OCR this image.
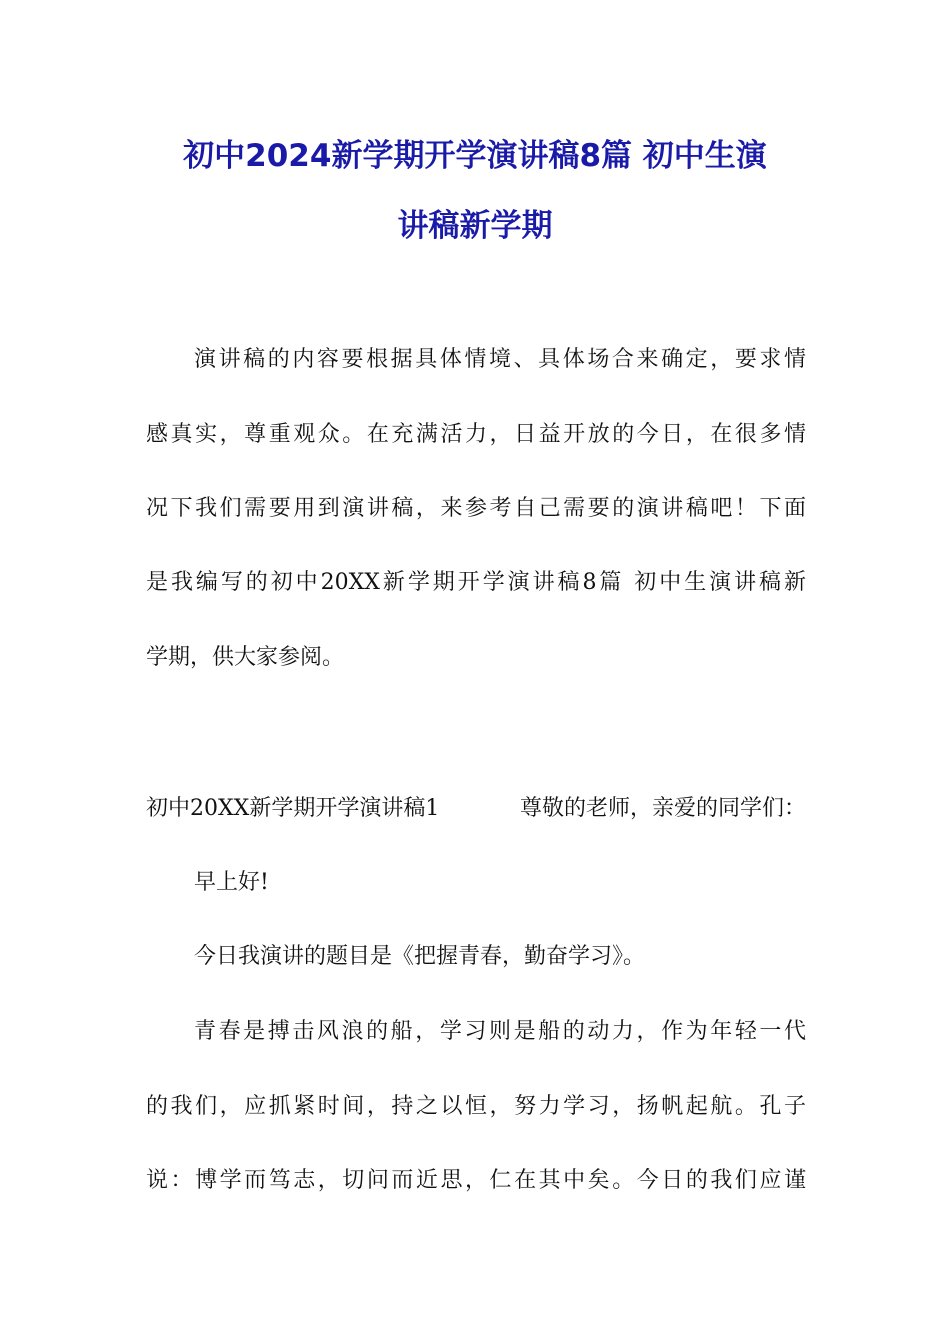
初中2024新学期开学演讲稿8篇 初中生演
讲稿新学期
演讲稿的内容要根据具体情境、具体场合来确定，要求情
感真实，尊重观众。在充满活力，日益开放的今日，在很多情
况下我们需要用到演讲稿，来参考自己需要的演讲稿吧！下面
是我编写的初中20XX新学期开学演讲稿8篇 初中生演讲稿新
学期，供大家参阅。
初中20XX新学期开学演讲稿1	尊敬的老师，亲爱的同学们：
早上好!
今日我演讲的题目是《把握青春，勤奋学习》。
青春是搏击风浪的船，学习则是船的动力，作为年轻一代
的我们，应抓紧时间，持之以恒，努力学习，扬帆起航。孔子
说：博学而笃志，切问而近思，仁在其中矣。今日的我们应谨
